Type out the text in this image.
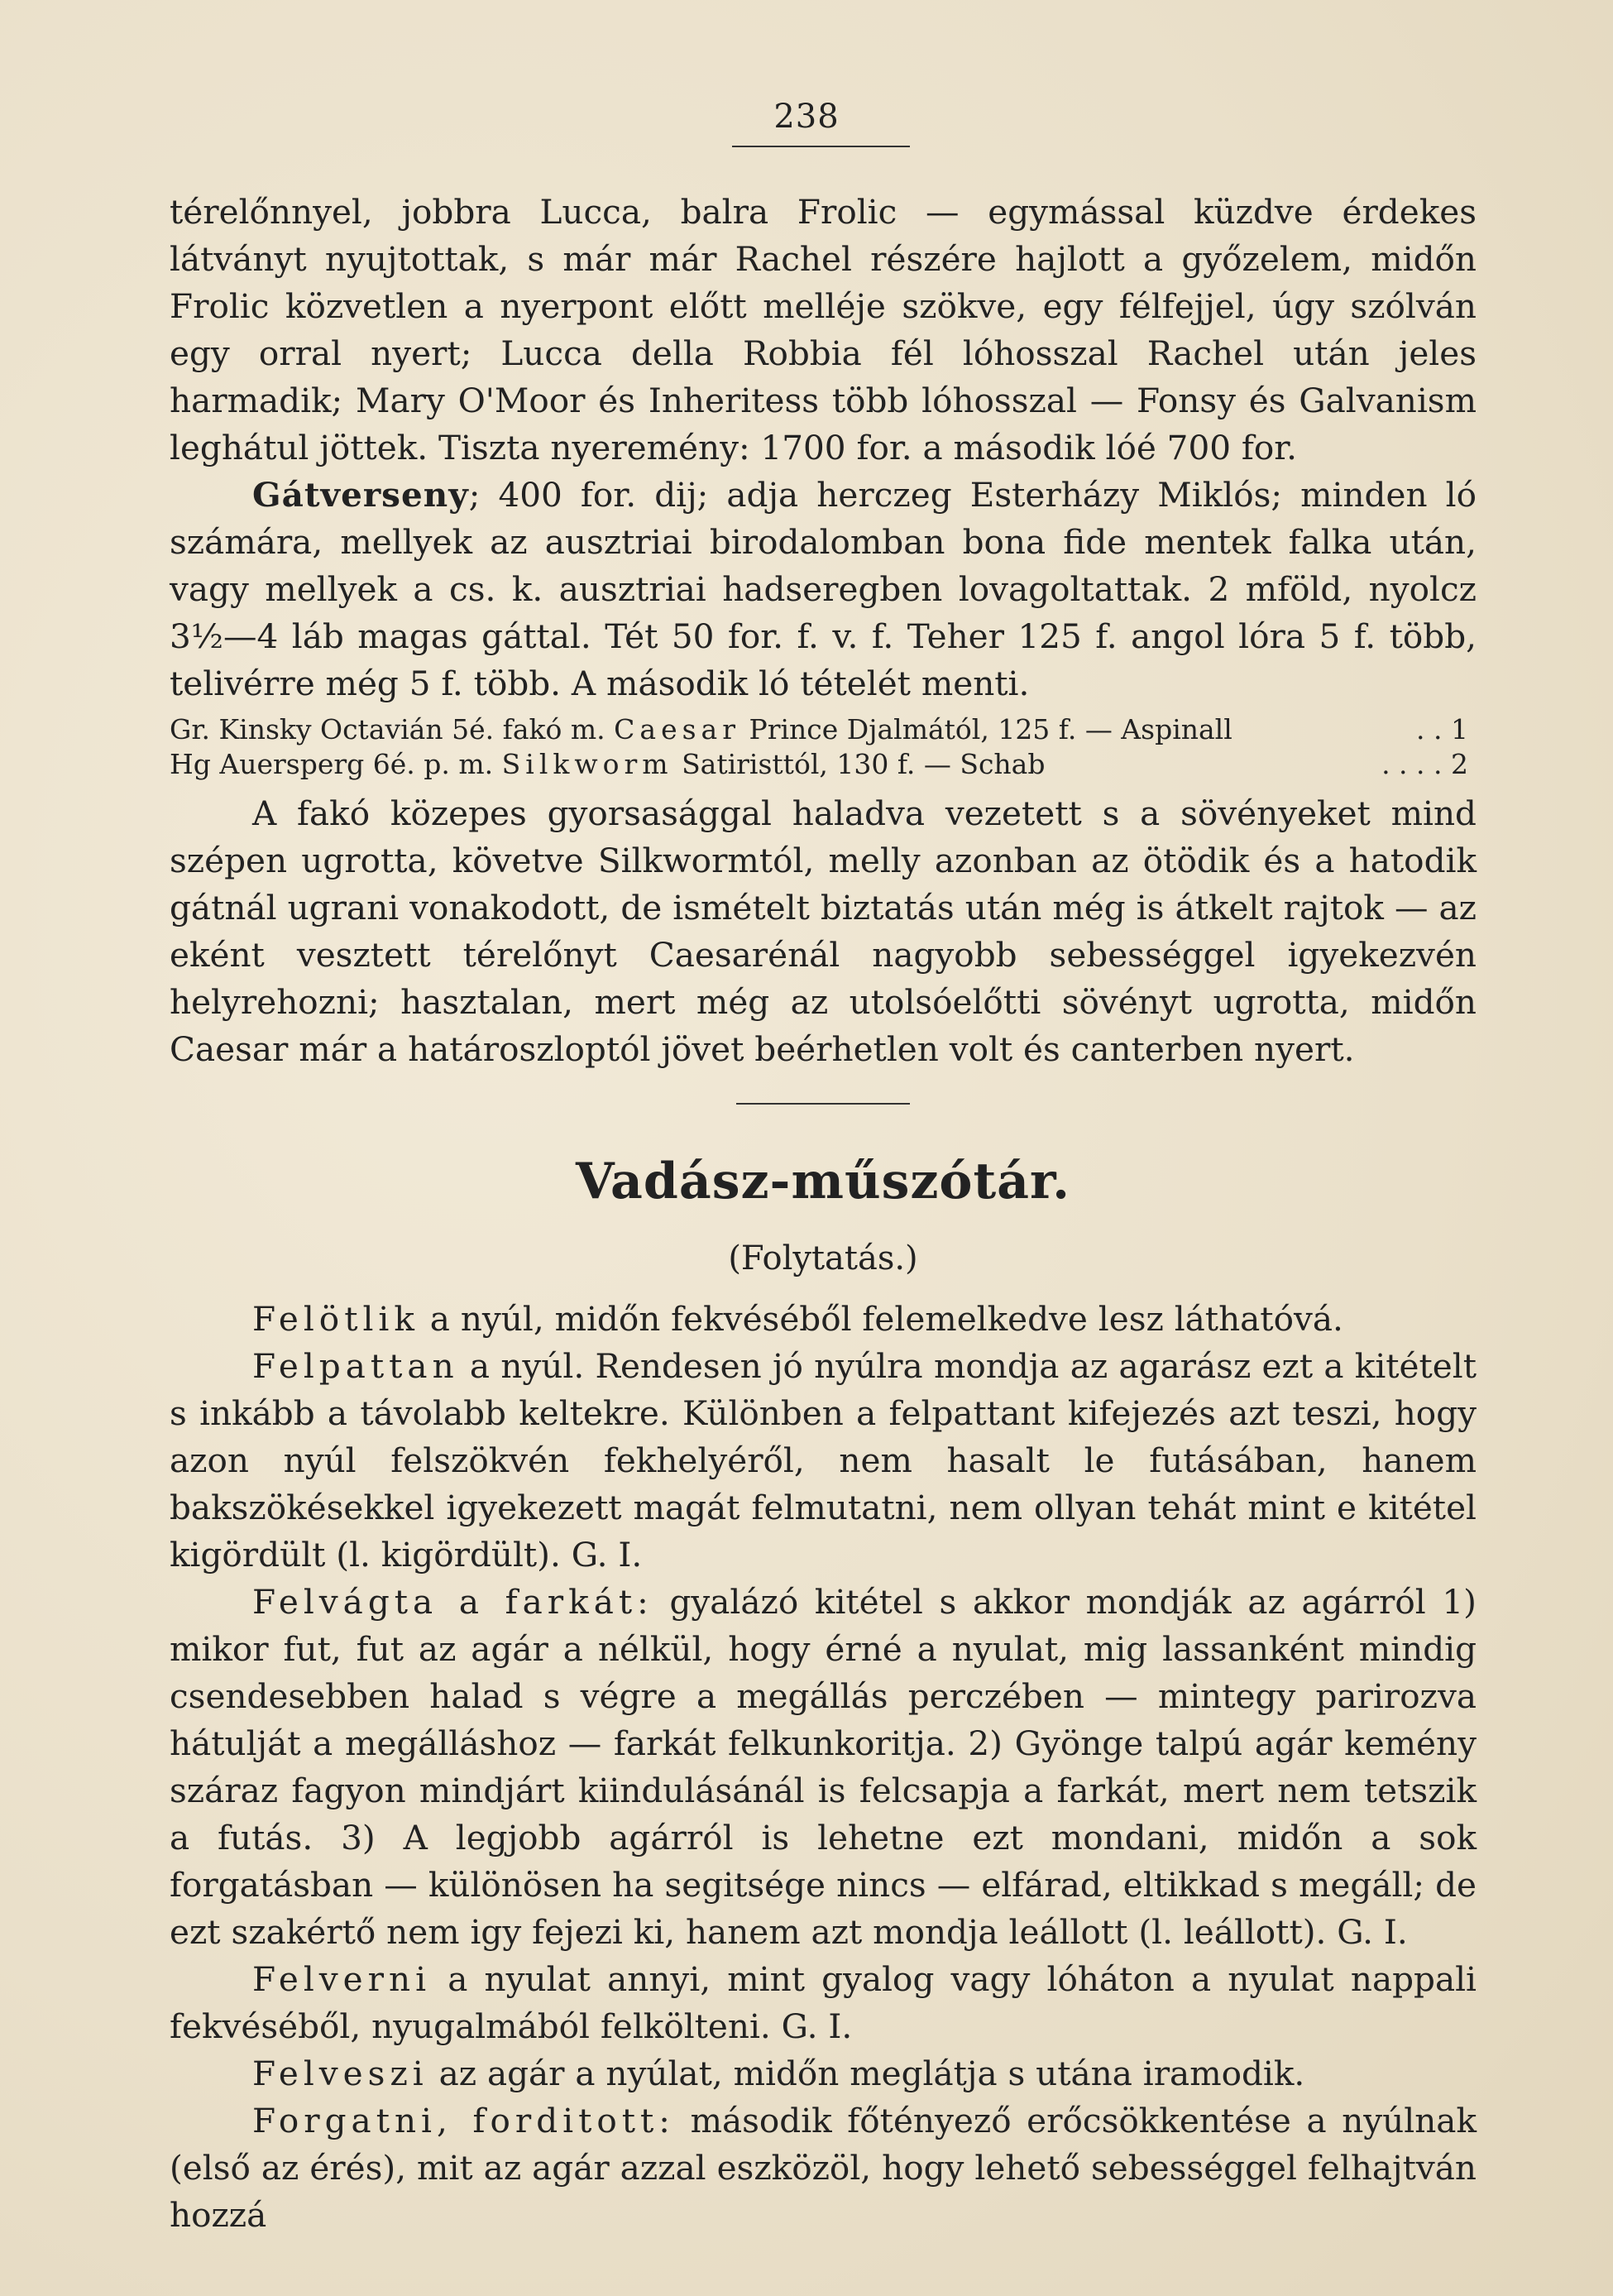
238

térelőnnyel, jobbra Lucca, balra Frolic — egymással küzdve érdekes látványt nyujtottak, s már már Rachel részére hajlott a győzelem, midőn Frolic közvetlen a nyerpont előtt melléje szökve, egy félfejjel, úgy szólván egy orral nyert; Lucca della Robbia fél lóhosszal Rachel után jeles harmadik; Mary O'Moor és Inheritess több lóhosszal — Fonsy és Galvanism leghátul jöttek. Tiszta nyeremény: 1700 for. a második lóé 700 for.

Gátverseny; 400 for. dij; adja herczeg Esterházy Miklós; minden ló számára, mellyek az ausztriai birodalomban bona fide mentek falka után, vagy mellyek a cs. k. ausztriai hadseregben lovagoltattak. 2 mföld, nyolcz 3½—4 láb magas gáttal. Tét 50 for. f. v. f. Teher 125 f. angol lóra 5 f. több, telivérre még 5 f. több. A második ló tételét menti.

Gr. Kinsky Octavián 5é. fakó m. Caesar Prince Djalmától, 125 f. — Aspinall	. . 1
Hg Auersperg 6é. p. m. Silkworm Satiristtól, 130 f. — Schab	. . . . 2

A fakó közepes gyorsasággal haladva vezetett s a sövényeket mind szépen ugrotta, követve Silkwormtól, melly azonban az ötödik és a hatodik gátnál ugrani vonakodott, de ismételt biztatás után még is átkelt rajtok — az eként vesztett térelőnyt Caesarénál nagyobb sebességgel igyekezvén helyrehozni; hasztalan, mert még az utolsóelőtti sövényt ugrotta, midőn Caesar már a határoszloptól jövet beérhetlen volt és canterben nyert.

Vadász-műszótár.
(Folytatás.)

Felötlik a nyúl, midőn fekvéséből felemelkedve lesz láthatóvá.

Felpattan a nyúl. Rendesen jó nyúlra mondja az agarász ezt a kitételt s inkább a távolabb keltekre. Különben a felpattant kifejezés azt teszi, hogy azon nyúl felszökvén fekhelyéről, nem hasalt le futásában, hanem bakszökésekkel igyekezett magát felmutatni, nem ollyan tehát mint e kitétel kigördült (l. kigördült). G. I.

Felvágta a farkát: gyalázó kitétel s akkor mondják az agárról 1) mikor fut, fut az agár a nélkül, hogy érné a nyulat, mig lassanként mindig csendesebben halad s végre a megállás perczében — mintegy parirozva hátulját a megálláshoz — farkát felkunkoritja. 2) Gyönge talpú agár kemény száraz fagyon mindjárt kiindulásánál is felcsapja a farkát, mert nem tetszik a futás. 3) A legjobb agárról is lehetne ezt mondani, midőn a sok forgatásban — különösen ha segitsége nincs — elfárad, eltikkad s megáll; de ezt szakértő nem igy fejezi ki, hanem azt mondja leállott (l. leállott). G. I.

Felverni a nyulat annyi, mint gyalog vagy lóháton a nyulat nappali fekvéséből, nyugalmából felkölteni. G. I.

Felveszi az agár a nyúlat, midőn meglátja s utána iramodik.

Forgatni, forditott: második főtényező erőcsökkentése a nyúlnak (első az érés), mit az agár azzal eszközöl, hogy lehető sebességgel felhajtván hozzá
